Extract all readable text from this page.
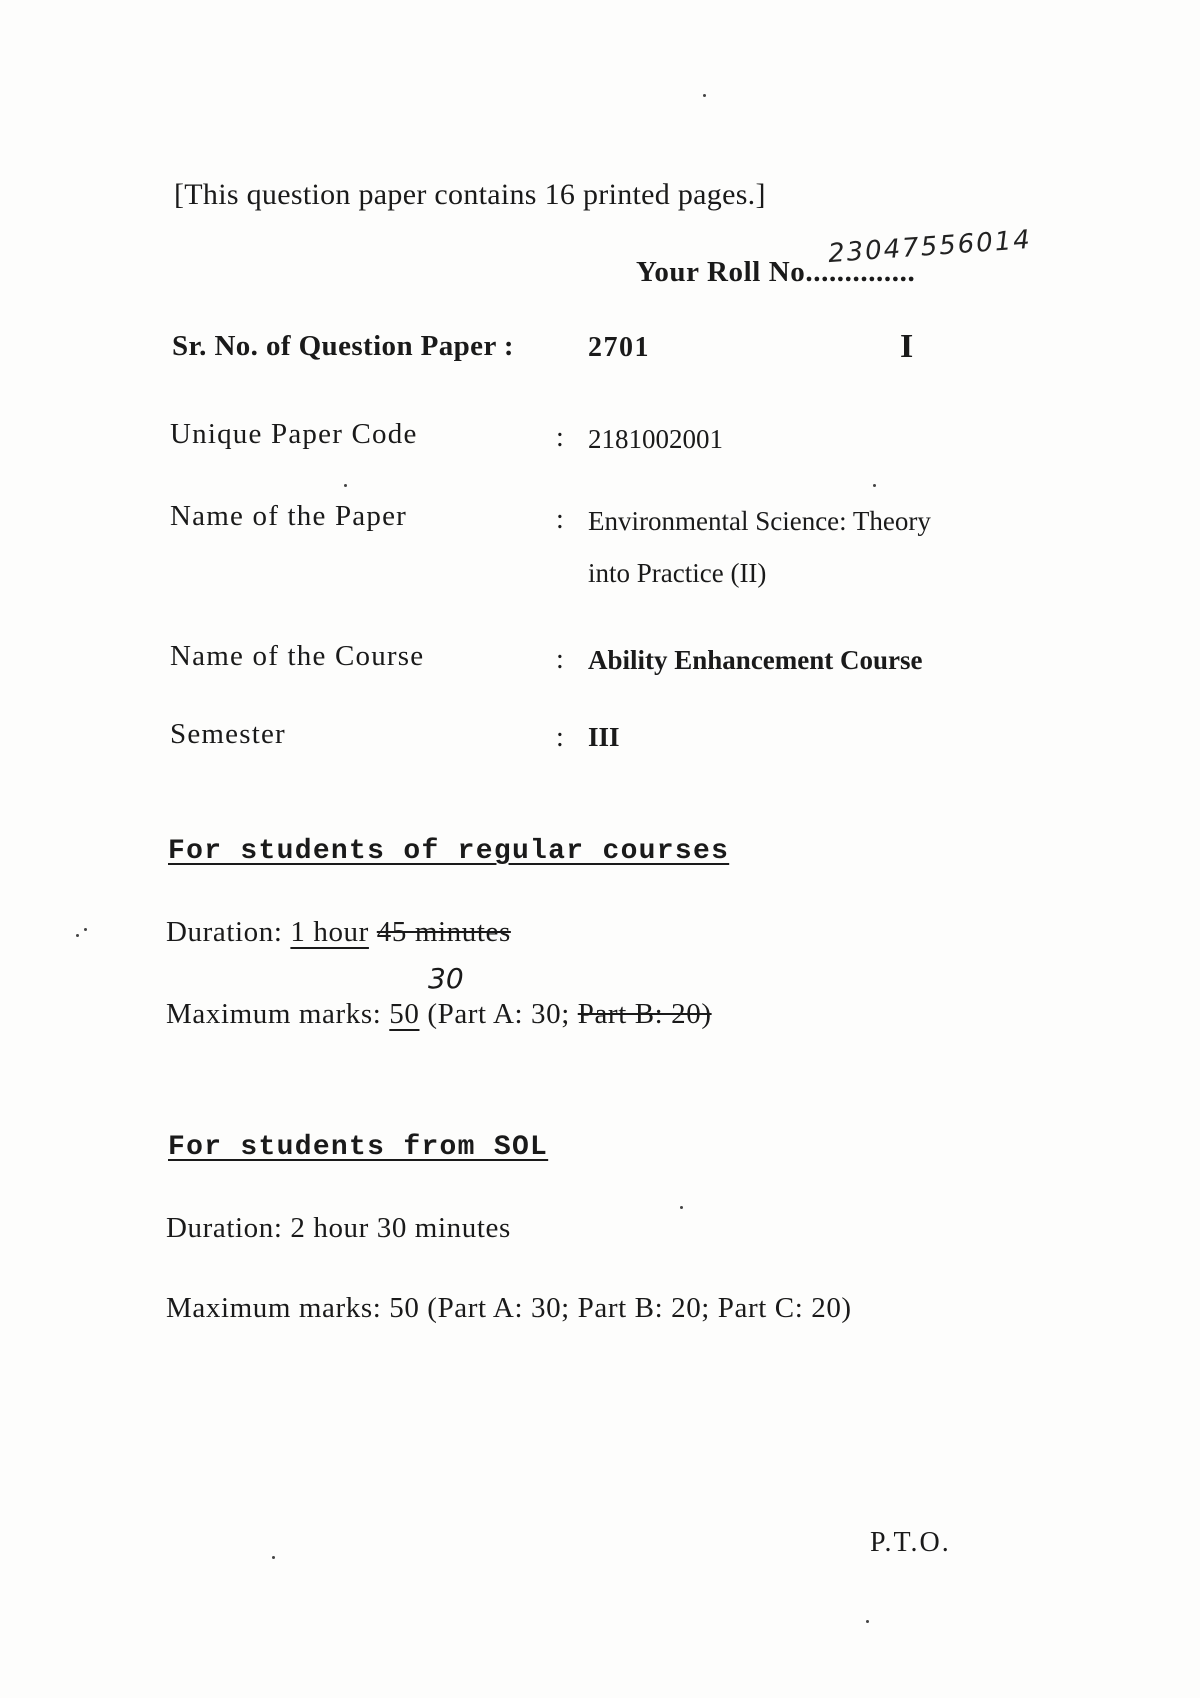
[This question paper contains 16 printed pages.]
23047556014
Your Roll No..............
Sr. No. of Question Paper :	2701	I
Unique Paper Code	: 2181002001
Name of the Paper	: Environmental Science: Theory
into Practice (II)
Name of the Course	: Ability Enhancement Course
Semester	: III
For students of regular courses
Duration: 1 hour 45 minutes
30
Maximum marks: 50 (Part A: 30; Part B: 20)
For students from SOL
Duration: 2 hour 30 minutes
Maximum marks: 50 (Part A: 30; Part B: 20; Part C: 20)
P.T.O.
